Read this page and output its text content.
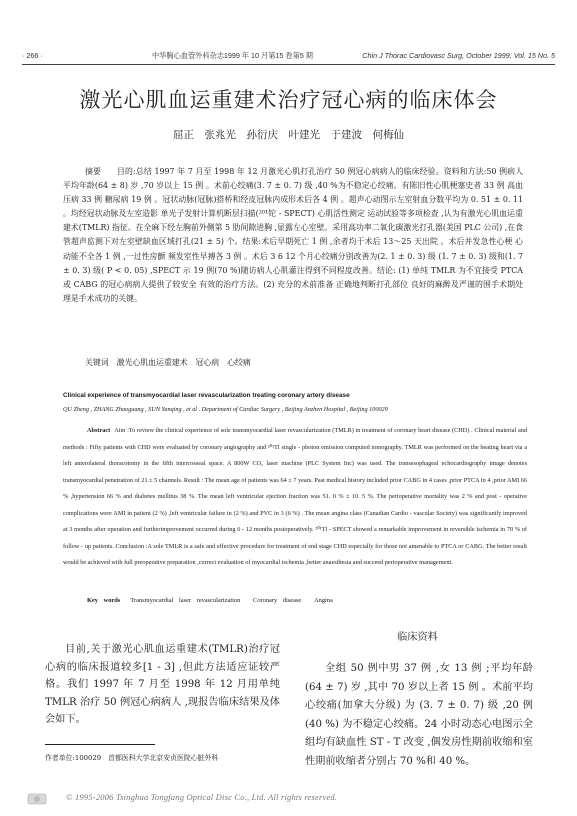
· 266 ·	中华胸心血管外科杂志1999 年 10 月第15 卷第5 期	Chin J Thorac Cardiovasc Surg, October 1999, Vol. 15 No. 5
激光心肌血运重建术治疗冠心病的临床体会
屈正　张兆光　孙衍庆　叶建光　于建波　何梅仙
摘要 目的:总结 1997 年 7 月至 1998 年 12 月激光心肌打孔治疗 50 例冠心病病人的临床经验。资料和方法:50 例病人平均年龄(64 ± 8) 岁 ,70 岁以上 15 例 。术前心绞痛(3. 7 ± 0. 7) 级 ,40 %为不稳定心绞痛。有陈旧性心肌梗塞史者 33 例 高血压病 33 例 糖尿病 19 例 。冠状动脉(冠脉)搭桥和经皮冠脉内成形术后各 4 例 。超声心动图示左室射血分数平均为 0. 51 ± 0. 11 。均经冠状动脉及左室造影 单光子发射计算机断层扫描(²⁰¹铊 - SPECT) 心肌活性测定 运动试验等多项检查 ,认为有激光心肌血运重建术(TMLR) 指征。在全麻下经左胸前外侧第 5 肋间隙进胸 ,显露左心室壁。采用高功率二氧化碳激光打孔器(美国 PLC 公司) ,在食管超声监测下对左室壁缺血区域打孔(21 ± 5) 个。结果:术后早期死亡 1 例 ,余者均于术后 13～25 天出院 。术后并发急性心梗 心动能不全各 1 例 ,一过性房颤 频发室性早搏各 3 例 。术后 3 6 12 个月心绞痛分别改善为(2. 1 ± 0. 3) 级 (1. 7 ± 0. 3) 级和(1. 7 ± 0. 3) 级( P < 0. 05) ,SPECT 示 19 例(70 %)随访病人心肌灌注得到不同程度改善。结论: (1) 单纯 TMLR 为不宜接受 PTCA 或 CABG 的冠心病病人提供了较安全 有效的治疗方法。(2) 充分的术前准备 正确地判断打孔部位 良好的麻醉及严谨的围手术期处理是手术成功的关键。
关键词　 激光心肌血运重建术　冠心病　心绞痛
Clinical experience of transmyocardial laser revascularization treating coronary artery disease
QU Zheng , ZHANG Zhaoguang , SUN Yanqing , et al . Department of Cardiac Surgery , Beijing Anzhen Hospital , Beijing 100029
Abstract Aim :To review the clinical experience of sole transmyocardial laser revascularization (TMLR) in treatment of coronary heart disease (CHD) . Clinical material and methods : Fifty patients with CHD were evaluated by coronary angiography and ²⁰¹Tl single - photon emission computed tomography. TMLR was performed on the beating heart via a left anterolateral thoracotomy in the fifth intercosseal space. A 800W CO₂ laser machine (PLC System Inc) was used. The transesophageal echocardiography image denotes transmyocardial penetration of 21 ± 5 channels. Result : The mean age of patients was 64 ± 7 years. Past medical history included prior CABG in 4 cases ,prior PTCA in 4 ,prior AMI 66 % ,hypertension 66 % and diabetes mellitus 38 %. The mean left ventricular ejection fraction was 51. 0 % ± 10. 5 %. The perioperative mortality was 2 % and post - operative complications were AMI in patient (2 %) ,left ventricular failure in (2 %) and PVC in 3 (6 %) . The mean angina class (Canadian Cardio - vascular Society) was significantly improved at 3 months after operation and furtherimprovement occurred during 6 - 12 months postoperatively. ²⁰¹Tl - SPECT showed a remarkable improvement in reversible ischemia in 70 % of follow - up patients. Conclusion :A sole TMLR is a safe and effective procedure for treatment of end stage CHD especially for those not amenable to PTCA or CABG. The better result would be achieved with full preoperative preparation ,correct evaluation of myocardial ischemia ,better anaesthesia and succeed perioperative management.
Key words Transmyocardial laser revascularization　　Coronary disease　　Angina
目前,关于激光心肌血运重建术(TMLR)治疗冠心病的临床报道较多[1 - 3] ,但此方法适应证较严格。我们 1997 年 7 月至 1998 年 12 月用单纯 TMLR 治疗 50 例冠心病病人 ,现报告临床结果及体会如下。
临床资料
全组 50 例中男 37 例 ,女 13 例 ;平均年龄(64 ± 7) 岁 ,其中 70 岁以上者 15 例 。术前平均心绞痛(加拿大分级) 为 (3. 7 ± 0. 7) 级 ,20 例(40 %) 为不稳定心绞痛。24 小时动态心电图示全组均有缺血性 ST - T 改变 ,偶发房性期前收缩和室性期前收缩者分别占 70 %和 40 %。
作者单位:100029　首都医科大学北京安贞医院心脏外科
© 1995-2006 Tsinghua Tongfang Optical Disc Co., Ltd. All rights reserved.
